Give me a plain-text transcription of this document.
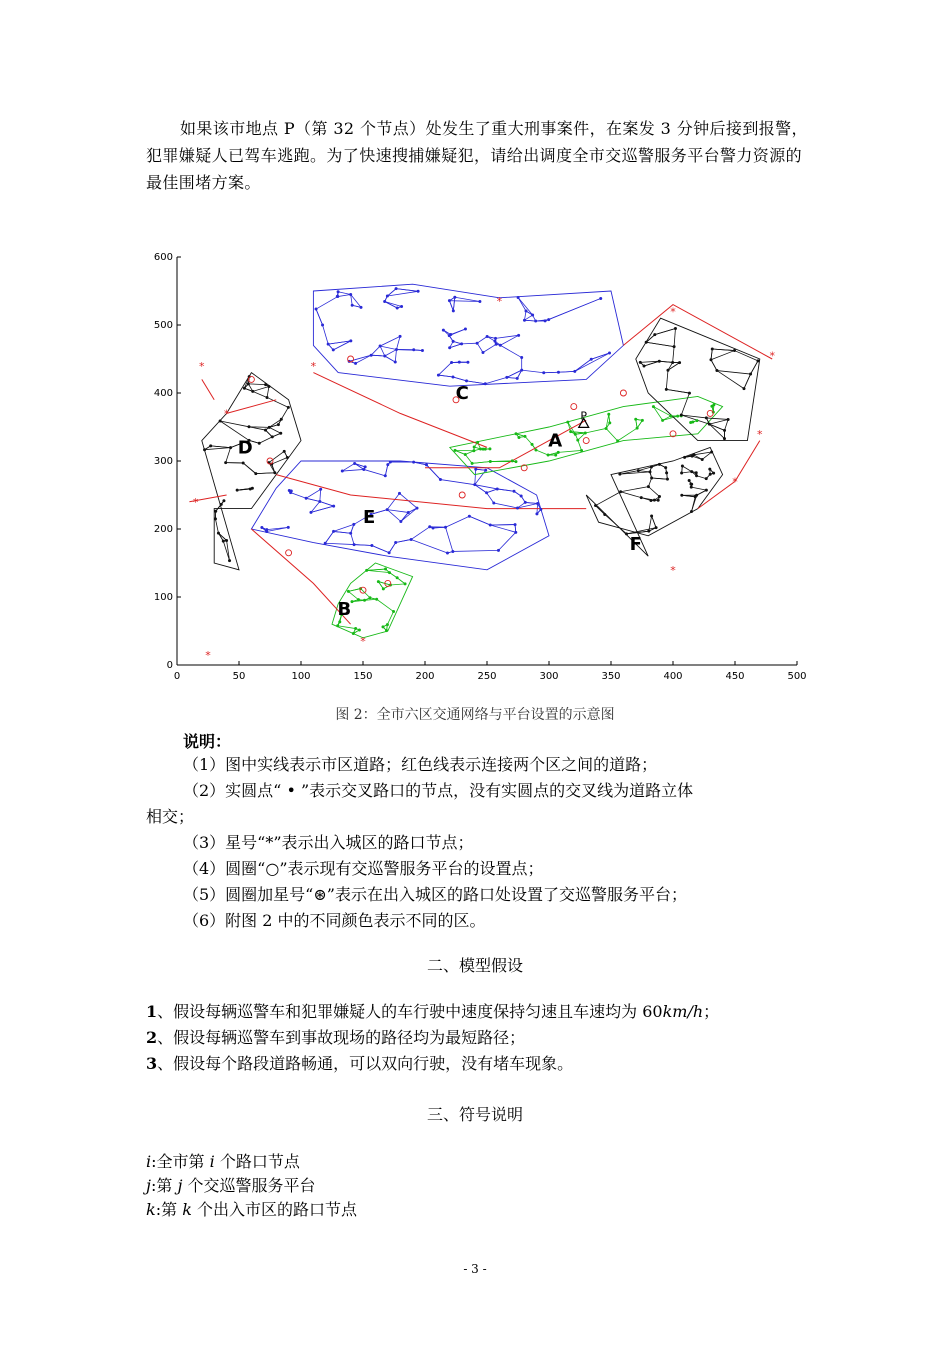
如果该市地点 P（第 32 个节点）处发生了重大刑事案件，在案发 3 分钟后接到报警，犯罪嫌疑人已驾车逃跑。为了快速搜捕嫌疑犯，请给出调度全市交巡警服务平台警力资源的最佳围堵方案。
0	50	100	150	200	250	300	350	400	450	500
0
100
200
300
400
500
600
*	*
*
*
*
*
*
*
*
*
*
*
A
B
C
D
E
F
P
图 2：全市六区交通网络与平台设置的示意图
说明：
（1）图中实线表示市区道路；红色线表示连接两个区之间的道路；
（2）实圆点“ • ”表示交叉路口的节点，没有实圆点的交叉线为道路立体
相交；
（3）星号“*”表示出入城区的路口节点；
（4）圆圈“○”表示现有交巡警服务平台的设置点；
（5）圆圈加星号“⊛”表示在出入城区的路口处设置了交巡警服务平台；
（6）附图 2 中的不同颜色表示不同的区。
二、模型假设
1、假设每辆巡警车和犯罪嫌疑人的车行驶中速度保持匀速且车速均为 60km/h；
2、假设每辆巡警车到事故现场的路径均为最短路径；
3、假设每个路段道路畅通，可以双向行驶，没有堵车现象。
三、符号说明
i:全市第 i 个路口节点
j:第 j 个交巡警服务平台
k:第 k 个出入市区的路口节点
- 3 -
